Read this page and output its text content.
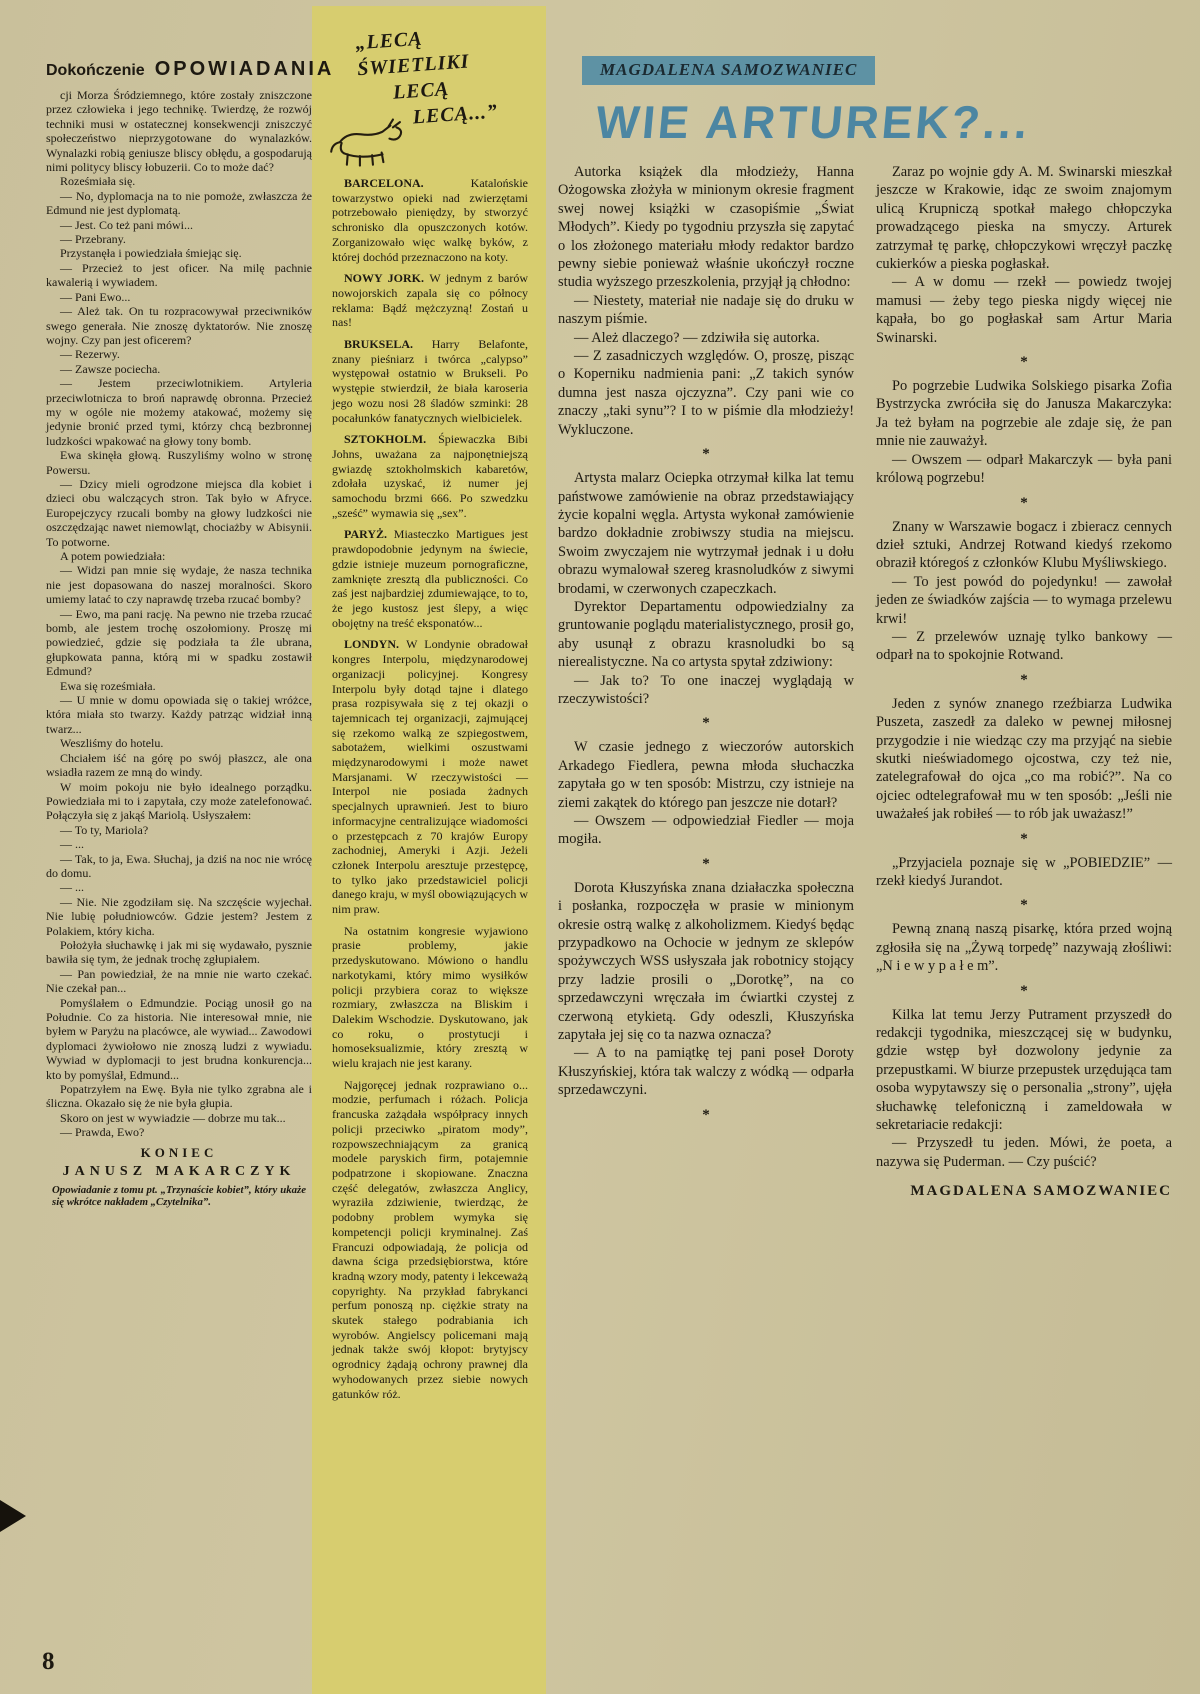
Dokończenie OPOWIADANIA

cji Morza Śródziemnego, które zostały zniszczone przez człowieka i jego technikę. Twierdzę, że rozwój techniki musi w ostatecznej konsekwencji zniszczyć społeczeństwo nieprzygotowane do wynalazków. Wynalazki robią geniusze bliscy obłędu, a gospodarują nimi politycy bliscy łobuzerii. Co to może dać?

Roześmiała się.

— No, dyplomacja na to nie pomoże, zwłaszcza że Edmund nie jest dyplomatą.

— Jest. Co też pani mówi...

— Przebrany.

Przystanęła i powiedziała śmiejąc się.

— Przecież to jest oficer. Na milę pachnie kawalerią i wywiadem.

— Pani Ewo...

— Ależ tak. On tu rozpracowywał przeciwników swego generała. Nie znoszę dyktatorów. Nie znoszę wojny. Czy pan jest oficerem?

— Rezerwy.

— Zawsze pociecha.

— Jestem przeciwlotnikiem. Artyleria przeciwlotnicza to broń naprawdę obronna. Przecież my w ogóle nie możemy atakować, możemy się jedynie bronić przed tymi, którzy chcą bezbronnej ludzkości wpakować na głowy tony bomb.

Ewa skinęła głową. Ruszyliśmy wolno w stronę Powersu.

— Dzicy mieli ogrodzone miejsca dla kobiet i dzieci obu walczących stron. Tak było w Afryce. Europejczycy rzucali bomby na głowy ludzkości nie oszczędzając nawet niemowląt, chociażby w Abisynii. To potworne.

A potem powiedziała:

— Widzi pan mnie się wydaje, że nasza technika nie jest dopasowana do naszej moralności. Skoro umiemy latać to czy naprawdę trzeba rzucać bomby?

— Ewo, ma pani rację. Na pewno nie trzeba rzucać bomb, ale jestem trochę oszołomiony. Proszę mi powiedzieć, gdzie się podziała ta źle ubrana, głupkowata panna, którą mi w spadku zostawił Edmund?

Ewa się roześmiała.

— U mnie w domu opowiada się o takiej wróżce, która miała sto twarzy. Każdy patrząc widział inną twarz...

Weszliśmy do hotelu.

Chciałem iść na górę po swój płaszcz, ale ona wsiadła razem ze mną do windy.

W moim pokoju nie było idealnego porządku. Powiedziała mi to i zapytała, czy może zatelefonować. Połączyła się z jakąś Mariolą. Usłyszałem:

— To ty, Mariola?

— ...

— Tak, to ja, Ewa. Słuchaj, ja dziś na noc nie wrócę do domu.

— ...

— Nie. Nie zgodziłam się. Na szczęście wyjechał. Nie lubię południowców. Gdzie jestem? Jestem z Polakiem, który kicha.

Położyła słuchawkę i jak mi się wydawało, pysznie bawiła się tym, że jednak trochę zgłupiałem.

— Pan powiedział, że na mnie nie warto czekać. Nie czekał pan...

Pomyślałem o Edmundzie. Pociąg unosił go na Południe. Co za historia. Nie interesował mnie, nie byłem w Paryżu na placówce, ale wywiad... Zawodowi dyplomaci żywiołowo nie znoszą ludzi z wywiadu. Wywiad w dyplomacji to jest brudna konkurencja... kto by pomyślał, Edmund...

Popatrzyłem na Ewę. Była nie tylko zgrabna ale i śliczna. Okazało się że nie była głupia.

Skoro on jest w wywiadzie — dobrze mu tak...

— Prawda, Ewo?

KONIEC
JANUSZ MAKARCZYK
Opowiadanie z tomu pt. „Trzynaście kobiet”, który ukaże się wkrótce nakładem „Czytelnika”.
„LECĄ ŚWIETLIKI
LECĄ
LECĄ...”

BARCELONA. Katalońskie towarzystwo opieki nad zwierzętami potrzebowało pieniędzy, by stworzyć schronisko dla opuszczonych kotów. Zorganizowało więc walkę byków, z której dochód przeznaczono na koty.

NOWY JORK. W jednym z barów nowojorskich zapala się co północy reklama: Bądź mężczyzną! Zostań u nas!

BRUKSELA. Harry Belafonte, znany pieśniarz i twórca „calypso” występował ostatnio w Brukseli. Po występie stwierdził, że biała karoseria jego wozu nosi 28 śladów szminki: 28 pocałunków fanatycznych wielbicielek.

SZTOKHOLM. Śpiewaczka Bibi Johns, uważana za najponętniejszą gwiazdę sztokholmskich kabaretów, zdołała uzyskać, iż numer jej samochodu brzmi 666. Po szwedzku „sześć” wymawia się „sex”.

PARYŻ. Miasteczko Martigues jest prawdopodobnie jedynym na świecie, gdzie istnieje muzeum pornograficzne, zamknięte zresztą dla publiczności. Co zaś jest najbardziej zdumiewające, to to, że jego kustosz jest ślepy, a więc obojętny na treść eksponatów...

LONDYN. W Londynie obradował kongres Interpolu, międzynarodowej organizacji policyjnej. Kongresy Interpolu były dotąd tajne i dlatego prasa rozpisywała się z tej okazji o tajemnicach tej organizacji, zajmującej się rzekomo walką ze szpiegostwem, sabotażem, wielkimi oszustwami międzynarodowymi i może nawet Marsjanami. W rzeczywistości — Interpol nie posiada żadnych specjalnych uprawnień. Jest to biuro informacyjne centralizujące wiadomości o przestępcach z 70 krajów Europy zachodniej, Ameryki i Azji. Jeżeli członek Interpolu aresztuje przestępcę, to tylko jako przedstawiciel policji danego kraju, w myśl obowiązujących w nim praw.

Na ostatnim kongresie wyjawiono prasie problemy, jakie przedyskutowano. Mówiono o handlu narkotykami, który mimo wysiłków policji przybiera coraz to większe rozmiary, zwłaszcza na Bliskim i Dalekim Wschodzie. Dyskutowano, jak co roku, o prostytucji i homoseksualizmie, który zresztą w wielu krajach nie jest karany.

Najgoręcej jednak rozprawiano o... modzie, perfumach i różach. Policja francuska zażądała współpracy innych policji przeciwko „piratom mody”, rozpowszechniającym za granicą modele paryskich firm, potajemnie podpatrzone i skopiowane. Znaczna część delegatów, zwłaszcza Anglicy, wyraziła zdziwienie, twierdząc, że podobny problem wymyka się kompetencji policji kryminalnej. Zaś Francuzi odpowiadają, że policja od dawna ściga przedsiębiorstwa, które kradną wzory mody, patenty i lekceważą copyrighty. Na przykład fabrykanci perfum ponoszą np. ciężkie straty na skutek stałego podrabiania ich wyrobów. Angielscy policemani mają jednak także swój kłopot: brytyjscy ogrodnicy żądają ochrony prawnej dla wyhodowanych przez siebie nowych gatunków róż.

MAGDALENA SAMOZWANIEC
WIE ARTUREK?...

Autorka książek dla młodzieży, Hanna Ożogowska złożyła w minionym okresie fragment swej nowej książki w czasopiśmie „Świat Młodych”. Kiedy po tygodniu przyszła się zapytać o los złożonego materiału młody redaktor bardzo pewny siebie ponieważ właśnie ukończył roczne studia wyższego przeszkolenia, przyjął ją chłodno:

— Niestety, materiał nie nadaje się do druku w naszym piśmie.

— Ależ dlaczego? — zdziwiła się autorka.

— Z zasadniczych względów. O, proszę, pisząc o Koperniku nadmienia pani: „Z takich synów dumna jest nasza ojczyzna”. Czy pani wie co znaczy „taki synu”? I to w piśmie dla młodzieży! Wykluczone.

*

Artysta malarz Ociepka otrzymał kilka lat temu państwowe zamówienie na obraz przedstawiający życie kopalni węgla. Artysta wykonał zamówienie bardzo dokładnie zrobiwszy studia na miejscu. Swoim zwyczajem nie wytrzymał jednak i u dołu obrazu wymalował szereg krasnoludków z siwymi brodami, w czerwonych czapeczkach.

Dyrektor Departamentu odpowiedzialny za gruntowanie poglądu materialistycznego, prosił go, aby usunął z obrazu krasnoludki bo są nierealistyczne. Na co artysta spytał zdziwiony:

— Jak to? To one inaczej wyglądają w rzeczywistości?

*

W czasie jednego z wieczorów autorskich Arkadego Fiedlera, pewna młoda słuchaczka zapytała go w ten sposób: Mistrzu, czy istnieje na ziemi zakątek do którego pan jeszcze nie dotarł?

— Owszem — odpowiedział Fiedler — moja mogiła.

*

Dorota Kłuszyńska znana działaczka społeczna i posłanka, rozpoczęła w prasie w minionym okresie ostrą walkę z alkoholizmem. Kiedyś będąc przypadkowo na Ochocie w jednym ze sklepów spożywczych WSS usłyszała jak robotnicy stojący przy ladzie prosili o „Dorotkę”, na co sprzedawczyni wręczała im ćwiartki czystej z czerwoną etykietą. Gdy odeszli, Kłuszyńska zapytała jej się co ta nazwa oznacza?

— A to na pamiątkę tej pani poseł Doroty Kłuszyńskiej, która tak walczy z wódką — odparła sprzedawczyni.

*

Zaraz po wojnie gdy A. M. Swinarski mieszkał jeszcze w Krakowie, idąc ze swoim znajomym ulicą Krupniczą spotkał małego chłopczyka prowadzącego pieska na smyczy. Arturek zatrzymał tę parkę, chłopczykowi wręczył paczkę cukierków a pieska pogłaskał.

— A w domu — rzekł — powiedz twojej mamusi — żeby tego pieska nigdy więcej nie kąpała, bo go pogłaskał sam Artur Maria Swinarski.

*

Po pogrzebie Ludwika Solskiego pisarka Zofia Bystrzycka zwróciła się do Janusza Makarczyka: Ja też byłam na pogrzebie ale zdaje się, że pan mnie nie zauważył.

— Owszem — odparł Makarczyk — była pani królową pogrzebu!

*

Znany w Warszawie bogacz i zbieracz cennych dzieł sztuki, Andrzej Rotwand kiedyś rzekomo obraził któregoś z członków Klubu Myśliwskiego.

— To jest powód do pojedynku! — zawołał jeden ze świadków zajścia — to wymaga przelewu krwi!

— Z przelewów uznaję tylko bankowy — odparł na to spokojnie Rotwand.

*

Jeden z synów znanego rzeźbiarza Ludwika Puszeta, zaszedł za daleko w pewnej miłosnej przygodzie i nie wiedząc czy ma przyjąć na siebie skutki nieświadomego ojcostwa, czy też nie, zatelegrafował do ojca „co ma robić?”. Na co ojciec odtelegrafował mu w ten sposób: „Jeśli nie uważałeś jak robiłeś — to rób jak uważasz!”

*

„Przyjaciela poznaje się w „POBIEDZIE” — rzekł kiedyś Jurandot.

*

Pewną znaną naszą pisarkę, która przed wojną zgłosiła się na „Żywą torpedę” nazywają złośliwi: „N i e w y p a ł e m”.

*

Kilka lat temu Jerzy Putrament przyszedł do redakcji tygodnika, mieszczącej się w budynku, gdzie wstęp był dozwolony jedynie za przepustkami. W biurze przepustek urzędująca tam osoba wypytawszy się o personalia „strony”, ujęła słuchawkę telefoniczną i zameldowała w sekretariacie redakcji:

— Przyszedł tu jeden. Mówi, że poeta, a nazywa się Puderman. — Czy puścić?

MAGDALENA SAMOZWANIEC
8
